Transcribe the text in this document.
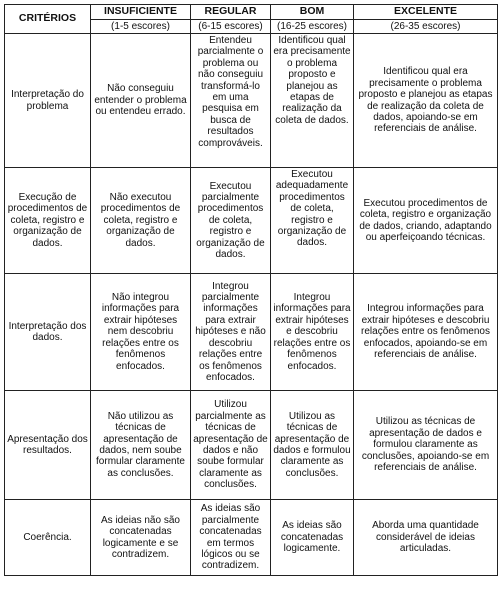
CRITÉRIOS	INSUFICIENTE	REGULAR	BOM	EXCELENTE
	(1-5 escores)	(6-15 escores)	(16-25 escores)	(26-35 escores)
Interpretação do problema	Não conseguiu entender o problema ou entendeu errado.	Entendeu parcialmente o problema ou não conseguiu transformá-lo em uma pesquisa em busca de resultados comprováveis.	Identificou qual era precisamente o problema proposto e planejou as etapas de realização da coleta de dados.	Identificou qual era precisamente o problema proposto e planejou as etapas de realização da coleta de dados, apoiando-se em referenciais de análise.
Execução de procedimentos de coleta, registro e organização de dados.	Não executou procedimentos de coleta, registro e organização de dados.	Executou parcialmente procedimentos de coleta, registro e organização de dados.	Executou adequadamente procedimentos de coleta, registro e organização de dados.	Executou procedimentos de coleta, registro e organização de dados, criando, adaptando ou aperfeiçoando técnicas.
Interpretação dos dados.	Não integrou informações para extrair hipóteses nem descobriu relações entre os fenômenos enfocados.	Integrou parcialmente informações para extrair hipóteses e não descobriu relações entre os fenômenos enfocados.	Integrou informações para extrair hipóteses e descobriu relações entre os fenômenos enfocados.	Integrou informações para extrair hipóteses e descobriu relações entre os fenômenos enfocados, apoiando-se em referenciais de análise.
Apresentação dos resultados.	Não utilizou as técnicas de apresentação de dados, nem soube formular claramente as conclusões.	Utilizou parcialmente as técnicas de apresentação de dados e não soube formular claramente as conclusões.	Utilizou as técnicas de apresentação de dados e formulou claramente as conclusões.	Utilizou as técnicas de apresentação de dados e formulou claramente as conclusões, apoiando-se em referenciais de análise.
Coerência.	As ideias não são concatenadas logicamente e se contradizem.	As ideias são parcialmente concatenadas em termos lógicos ou se contradizem.	As ideias são concatenadas logicamente.	Aborda uma quantidade considerável de ideias articuladas.
